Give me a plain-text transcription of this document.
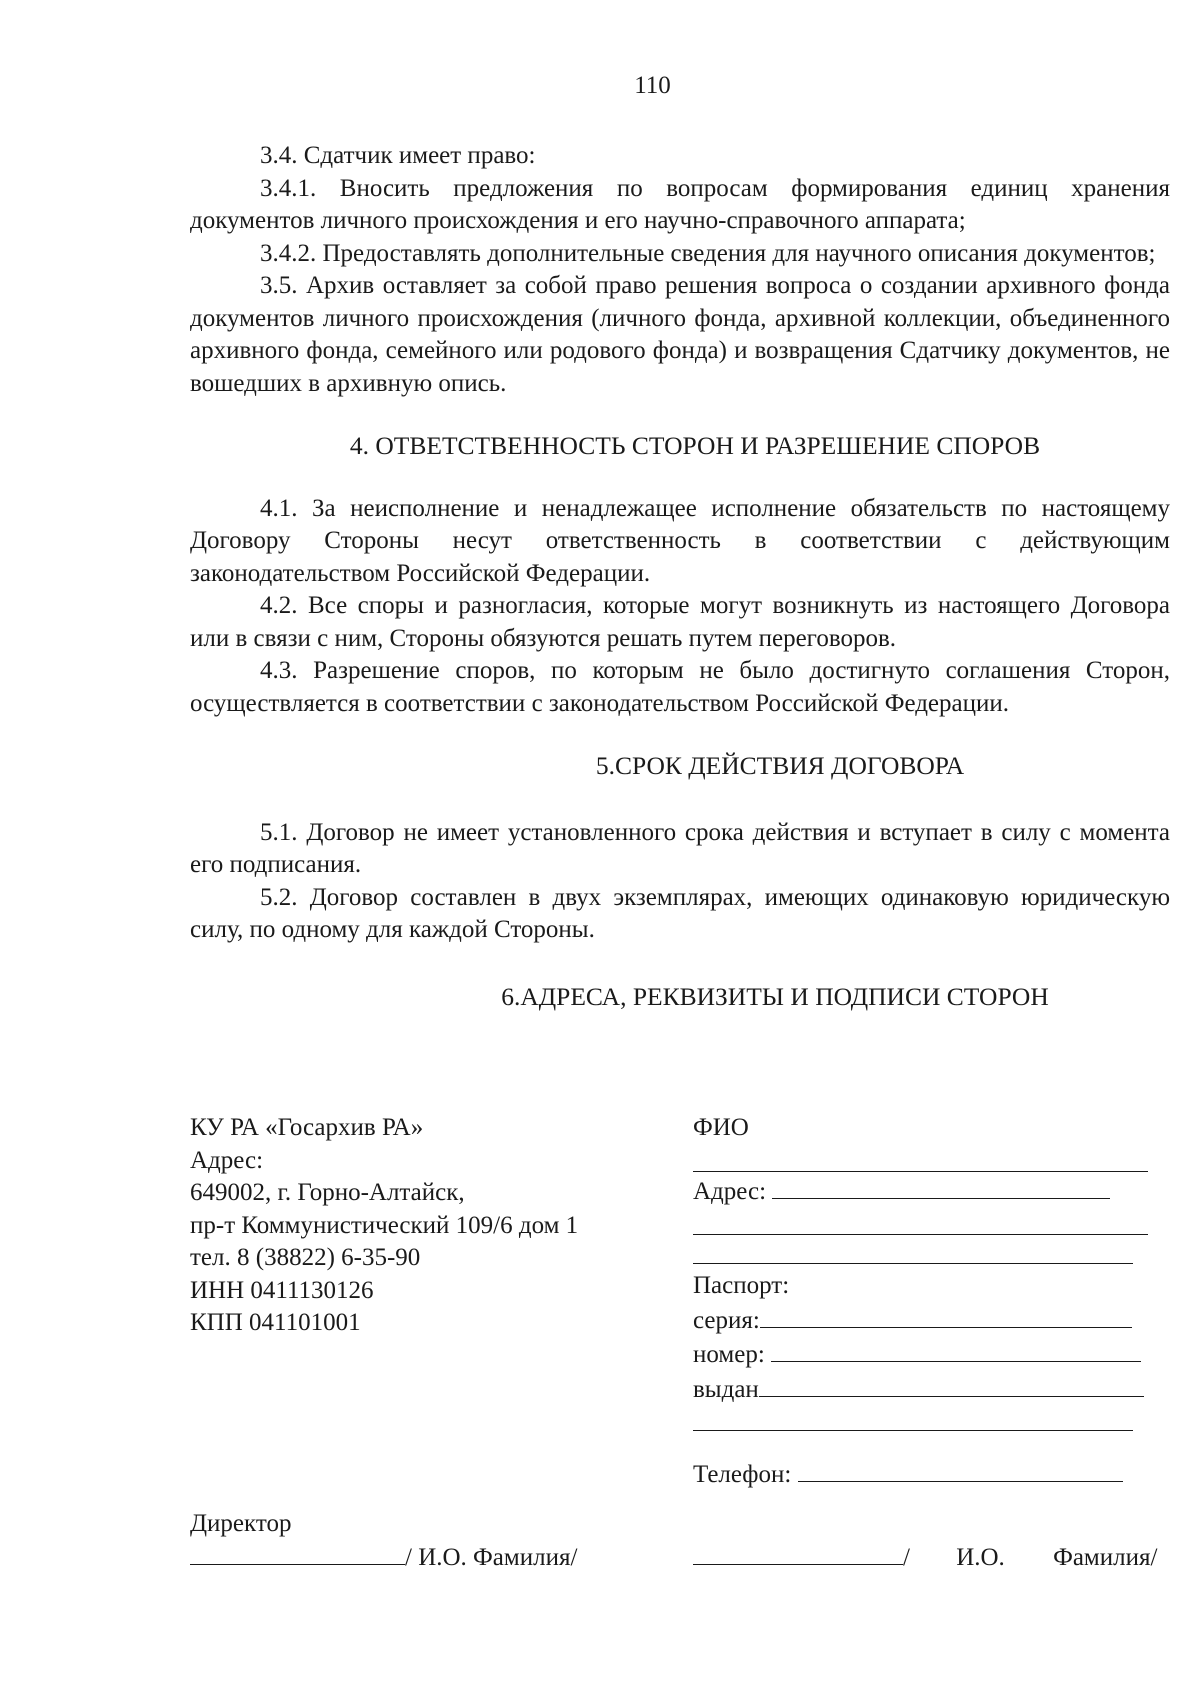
110

3.4. Сдатчик имеет право:

3.4.1. Вносить предложения по вопросам формирования единиц хранения документов личного происхождения и его научно-справочного аппарата;

3.4.2. Предоставлять дополнительные сведения для научного описания документов;

3.5. Архив оставляет за собой право решения вопроса о создании архивного фонда документов личного происхождения (личного фонда, архивной коллекции, объединенного архивного фонда, семейного или родового фонда) и возвращения Сдатчику документов, не вошедших в архивную опись.

4. ОТВЕТСТВЕННОСТЬ СТОРОН И РАЗРЕШЕНИЕ СПОРОВ

4.1. За неисполнение и ненадлежащее исполнение обязательств по настоящему Договору Стороны несут ответственность в соответствии с действующим законодательством Российской Федерации.

4.2. Все споры и разногласия, которые могут возникнуть из настоящего Договора или в связи с ним, Стороны обязуются решать путем переговоров.

4.3. Разрешение споров, по которым не было достигнуто соглашения Сторон, осуществляется в соответствии с законодательством Российской Федерации.

5.СРОК ДЕЙСТВИЯ ДОГОВОРА

5.1. Договор не имеет установленного срока действия и вступает в силу с момента его подписания.

5.2. Договор составлен в двух экземплярах, имеющих одинаковую юридическую силу, по одному для каждой Стороны.

6.АДРЕСА, РЕКВИЗИТЫ И ПОДПИСИ СТОРОН

КУ РА «Госархив РА»
Адрес:
649002, г. Горно-Алтайск,
пр-т Коммунистический 109/6 дом 1
тел. 8 (38822) 6-35-90
ИНН 0411130126
КПП 041101001
ФИО
Адрес:
Паспорт:
серия:
номер:
выдан
Телефон:
Директор
/ И.О. Фамилия/	/ И.О. Фамилия/
